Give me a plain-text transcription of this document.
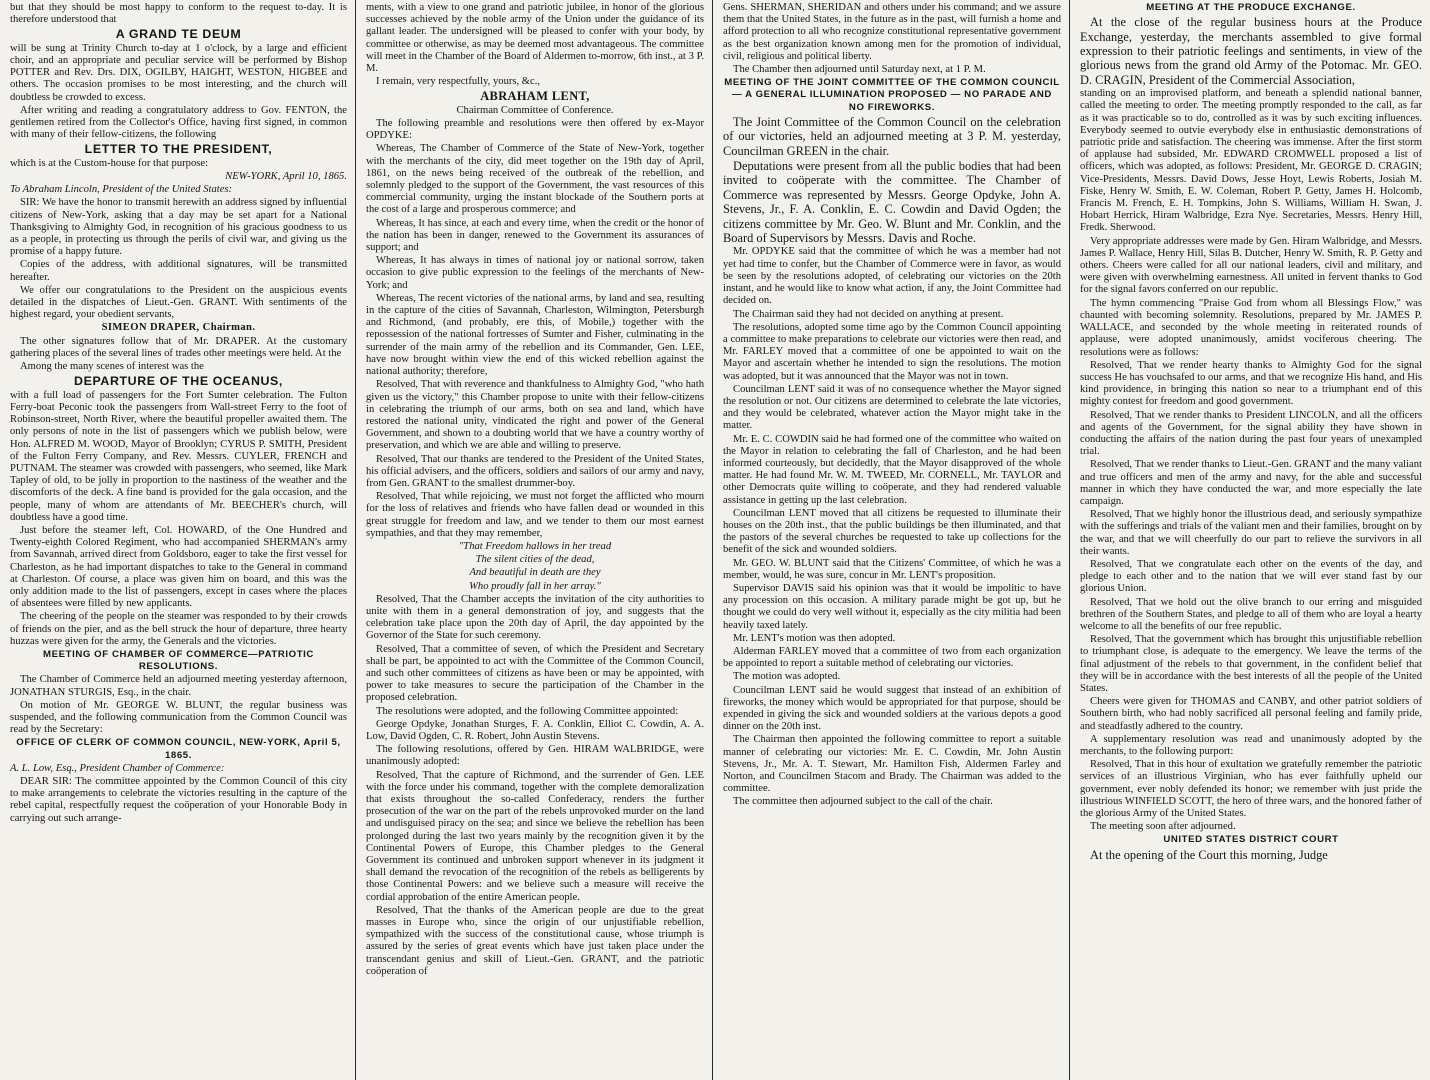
but that they should be most happy to conform to the request to-day. It is therefore understood that

A GRAND TE DEUM

will be sung at Trinity Church to-day at 1 o'clock, by a large and efficient choir, and an appropriate and peculiar service will be performed by Bishop POTTER and Rev. Drs. DIX, OGILBY, HAIGHT, WESTON, HIGBEE and others. The occasion promises to be most interesting, and the church will doubtless be crowded to excess.

After writing and reading a congratulatory address to Gov. FENTON, the gentlemen retired from the Collector's Office, having first signed, in common with many of their fellow-citizens, the following

LETTER TO THE PRESIDENT,

which is at the Custom-house for that purpose:

NEW-YORK, April 10, 1865.

To Abraham Lincoln, President of the United States:

SIR: We have the honor to transmit herewith an address signed by influential citizens of New-York, asking that a day may be set apart for a National Thanksgiving to Almighty God, in recognition of his gracious goodness to us as a people, in protecting us through the perils of civil war, and giving us the promise of a happy future.

Copies of the address, with additional signatures, will be transmitted hereafter.

We offer our congratulations to the President on the auspicious events detailed in the dispatches of Lieut.-Gen. GRANT. With sentiments of the highest regard, your obedient servants,

SIMEON DRAPER, Chairman.

The other signatures follow that of Mr. DRAPER. At the customary gathering places of the several lines of trades other meetings were held. At the

Among the many scenes of interest was the

DEPARTURE OF THE OCEANUS,

with a full load of passengers for the Fort Sumter celebration. The Fulton Ferry-boat Peconic took the passengers from Wall-street Ferry to the foot of Robinson-street, North River, where the beautiful propeller awaited them. The only persons of note in the list of passengers which we publish below, were Hon. ALFRED M. WOOD, Mayor of Brooklyn; CYRUS P. SMITH, President of the Fulton Ferry Company, and Rev. Messrs. CUYLER, FRENCH and PUTNAM. The steamer was crowded with passengers, who seemed, like Mark Tapley of old, to be jolly in proportion to the nastiness of the weather and the discomforts of the deck. A fine band is provided for the gala occasion, and the people, many of whom are attendants of Mr. BEECHER's church, will doubtless have a good time.

Just before the steamer left, Col. HOWARD, of the One Hundred and Twenty-eighth Colored Regiment, who had accompanied SHERMAN's army from Savannah, arrived direct from Goldsboro, eager to take the first vessel for Charleston, as he had important dispatches to take to the General in command at Charleston. Of course, a place was given him on board, and this was the only addition made to the list of passengers, except in cases where the places of absentees were filled by new applicants.

The cheering of the people on the steamer was responded to by their crowds of friends on the pier, and as the bell struck the hour of departure, three hearty huzzas were given for the army, the Generals and the victories.

MEETING OF CHAMBER OF COMMERCE—PATRIOTIC RESOLUTIONS.

The Chamber of Commerce held an adjourned meeting yesterday afternoon, JONATHAN STURGIS, Esq., in the chair.

On motion of Mr. GEORGE W. BLUNT, the regular business was suspended, and the following communication from the Common Council was read by the Secretary:

OFFICE OF CLERK OF COMMON COUNCIL, NEW-YORK, April 5, 1865.

A. L. Low, Esq., President Chamber of Commerce:

DEAR SIR: The committee appointed by the Common Council of this city to make arrangements to celebrate the victories resulting in the capture of the rebel capital, respectfully request the coöperation of your Honorable Body in carrying out such arrange-

ments, with a view to one grand and patriotic jubilee, in honor of the glorious successes achieved by the noble army of the Union under the guidance of its gallant leader. The undersigned will be pleased to confer with your body, by committee or otherwise, as may be deemed most advantageous. The committee will meet in the Chamber of the Board of Aldermen to-morrow, 6th inst., at 3 P. M.

I remain, very respectfully, yours, &c.,

ABRAHAM LENT,

Chairman Committee of Conference.

The following preamble and resolutions were then offered by ex-Mayor OPDYKE:

Whereas, The Chamber of Commerce of the State of New-York, together with the merchants of the city, did meet together on the 19th day of April, 1861, on the news being received of the outbreak of the rebellion, and solemnly pledged to the support of the Government, the vast resources of this commercial community, urging the instant blockade of the Southern ports at the cost of a large and prosperous commerce; and

Whereas, It has since, at each and every time, when the credit or the honor of the nation has been in danger, renewed to the Government its assurances of support; and

Whereas, It has always in times of national joy or national sorrow, taken occasion to give public expression to the feelings of the merchants of New-York; and

Whereas, The recent victories of the national arms, by land and sea, resulting in the capture of the cities of Savannah, Charleston, Wilmington, Petersburgh and Richmond, (and probably, ere this, of Mobile,) together with the repossession of the national fortresses of Sumter and Fisher, culminating in the surrender of the main army of the rebellion and its Commander, Gen. LEE, have now brought within view the end of this wicked rebellion against the national authority; therefore,

Resolved, That with reverence and thankfulness to Almighty God, "who hath given us the victory," this Chamber propose to unite with their fellow-citizens in celebrating the triumph of our arms, both on sea and land, which have restored the national unity, vindicated the right and power of the General Government, and shown to a doubting world that we have a country worthy of preservation, and which we are able and willing to preserve.

Resolved, That our thanks are tendered to the President of the United States, his official advisers, and the officers, soldiers and sailors of our army and navy, from Gen. GRANT to the smallest drummer-boy.

Resolved, That while rejoicing, we must not forget the afflicted who mourn for the loss of relatives and friends who have fallen dead or wounded in this great struggle for freedom and law, and we tender to them our most earnest sympathies, and that they may remember,

"That Freedom hallows in her tread

The silent cities of the dead,

And beautiful in death are they

Who proudly fall in her array."

Resolved, That the Chamber accepts the invitation of the city authorities to unite with them in a general demonstration of joy, and suggests that the celebration take place upon the 20th day of April, the day appointed by the Governor of the State for such ceremony.

Resolved, That a committee of seven, of which the President and Secretary shall be part, be appointed to act with the Committee of the Common Council, and such other committees of citizens as have been or may be appointed, with power to take measures to secure the participation of the Chamber in the proposed celebration.

The resolutions were adopted, and the following Committee appointed:

George Opdyke, Jonathan Sturges, F. A. Conklin, Elliot C. Cowdin, A. A. Low, David Ogden, C. R. Robert, John Austin Stevens.

The following resolutions, offered by Gen. HIRAM WALBRIDGE, were unanimously adopted:

Resolved, That the capture of Richmond, and the surrender of Gen. LEE with the force under his command, together with the complete demoralization that exists throughout the so-called Confederacy, renders the further prosecution of the war on the part of the rebels unprovoked murder on the land and undisguised piracy on the sea; and since we believe the rebellion has been prolonged during the last two years mainly by the recognition given it by the Continental Powers of Europe, this Chamber pledges to the General Government its continued and unbroken support whenever in its judgment it shall demand the revocation of the recognition of the rebels as belligerents by those Continental Powers: and we believe such a measure will receive the cordial approbation of the entire American people.

Resolved, That the thanks of the American people are due to the great masses in Europe who, since the origin of our unjustifiable rebellion, sympathized with the success of the constitutional cause, whose triumph is assured by the series of great events which have just taken place under the transcendant genius and skill of Lieut.-Gen. GRANT, and the patriotic coöperation of

Gens. SHERMAN, SHERIDAN and others under his command; and we assure them that the United States, in the future as in the past, will furnish a home and afford protection to all who recognize constitutional representative government as the best organization known among men for the promotion of individual, civil, religious and political liberty.

The Chamber then adjourned until Saturday next, at 1 P. M.

MEETING OF THE JOINT COMMITTEE OF THE COMMON COUNCIL — A GENERAL ILLUMINATION PROPOSED — NO PARADE AND NO FIREWORKS.

The Joint Committee of the Common Council on the celebration of our victories, held an adjourned meeting at 3 P. M. yesterday, Councilman GREEN in the chair.

Deputations were present from all the public bodies that had been invited to coöperate with the committee. The Chamber of Commerce was represented by Messrs. George Opdyke, John A. Stevens, Jr., F. A. Conklin, E. C. Cowdin and David Ogden; the citizens committee by Mr. Geo. W. Blunt and Mr. Conklin, and the Board of Supervisors by Messrs. Davis and Roche.

Mr. OPDYKE said that the committee of which he was a member had not yet had time to confer, but the Chamber of Commerce were in favor, as would be seen by the resolutions adopted, of celebrating our victories on the 20th instant, and he would like to know what action, if any, the Joint Committee had decided on.

The Chairman said they had not decided on anything at present.

The resolutions, adopted some time ago by the Common Council appointing a committee to make preparations to celebrate our victories were then read, and Mr. FARLEY moved that a committee of one be appointed to wait on the Mayor and ascertain whether he intended to sign the resolutions. The motion was adopted, but it was announced that the Mayor was not in town.

Councilman LENT said it was of no consequence whether the Mayor signed the resolution or not. Our citizens are determined to celebrate the late victories, and they would be celebrated, whatever action the Mayor might take in the matter.

Mr. E. C. COWDIN said he had formed one of the committee who waited on the Mayor in relation to celebrating the fall of Charleston, and he had been informed courteously, but decidedly, that the Mayor disapproved of the whole matter. He had found Mr. W. M. TWEED, Mr. CORNELL, Mr. TAYLOR and other Democrats quite willing to coöperate, and they had rendered valuable assistance in getting up the last celebration.

Councilman LENT moved that all citizens be requested to illuminate their houses on the 20th inst., that the public buildings be then illuminated, and that the pastors of the several churches be requested to take up collections for the benefit of the sick and wounded soldiers.

Mr. GEO. W. BLUNT said that the Citizens' Committee, of which he was a member, would, he was sure, concur in Mr. LENT's proposition.

Supervisor DAVIS said his opinion was that it would be impolitic to have any procession on this occasion. A military parade might be got up, but he thought we could do very well without it, especially as the city militia had been heavily taxed lately.

Mr. LENT's motion was then adopted.

Alderman FARLEY moved that a committee of two from each organization be appointed to report a suitable method of celebrating our victories.

The motion was adopted.

Councilman LENT said he would suggest that instead of an exhibition of fireworks, the money which would be appropriated for that purpose, should be expended in giving the sick and wounded soldiers at the various depots a good dinner on the 20th inst.

The Chairman then appointed the following committee to report a suitable manner of celebrating our victories: Mr. E. C. Cowdin, Mr. John Austin Stevens, Jr., Mr. A. T. Stewart, Mr. Hamilton Fish, Aldermen Farley and Norton, and Councilmen Stacom and Brady. The Chairman was added to the committee.

The committee then adjourned subject to the call of the chair.

MEETING AT THE PRODUCE EXCHANGE.

At the close of the regular business hours at the Produce Exchange, yesterday, the merchants assembled to give formal expression to their patriotic feelings and sentiments, in view of the glorious news from the grand old Army of the Potomac. Mr. GEO. D. CRAGIN, President of the Commercial Association,

standing on an improvised platform, and beneath a splendid national banner, called the meeting to order. The meeting promptly responded to the call, as far as it was practicable so to do, controlled as it was by such exciting influences. Everybody seemed to outvie everybody else in enthusiastic demonstrations of patriotic pride and satisfaction. The cheering was immense. After the first storm of applause had subsided, Mr. EDWARD CROMWELL proposed a list of officers, which was adopted, as follows: President, Mr. GEORGE D. CRAGIN; Vice-Presidents, Messrs. David Dows, Jesse Hoyt, Lewis Roberts, Josiah M. Fiske, Henry W. Smith, E. W. Coleman, Robert P. Getty, James H. Holcomb, Francis M. French, E. H. Tompkins, John S. Williams, William H. Swan, J. Hobart Herrick, Hiram Walbridge, Ezra Nye. Secretaries, Messrs. Henry Hill, Fredk. Sherwood.

Very appropriate addresses were made by Gen. Hiram Walbridge, and Messrs. James P. Wallace, Henry Hill, Silas B. Dutcher, Henry W. Smith, R. P. Getty and others. Cheers were called for all our national leaders, civil and military, and were given with overwhelming earnestness. All united in fervent thanks to God for the signal favors conferred on our republic.

The hymn commencing "Praise God from whom all Blessings Flow," was chaunted with becoming solemnity. Resolutions, prepared by Mr. JAMES P. WALLACE, and seconded by the whole meeting in reiterated rounds of applause, were adopted unanimously, amidst vociferous cheering. The resolutions were as follows:

Resolved, That we render hearty thanks to Almighty God for the signal success He has vouchsafed to our arms, and that we recognize His hand, and His kind providence, in bringing this nation so near to a triumphant end of this mighty contest for freedom and good government.

Resolved, That we render thanks to President LINCOLN, and all the officers and agents of the Government, for the signal ability they have shown in conducting the affairs of the nation during the past four years of unexampled trial.

Resolved, That we render thanks to Lieut.-Gen. GRANT and the many valiant and true officers and men of the army and navy, for the able and successful manner in which they have conducted the war, and more especially the late campaign.

Resolved, That we highly honor the illustrious dead, and seriously sympathize with the sufferings and trials of the valiant men and their families, brought on by the war, and that we will cheerfully do our part to relieve the survivors in all their wants.

Resolved, That we congratulate each other on the events of the day, and pledge to each other and to the nation that we will ever stand fast by our glorious Union.

Resolved, That we hold out the olive branch to our erring and misguided brethren of the Southern States, and pledge to all of them who are loyal a hearty welcome to all the benefits of our free republic.

Resolved, That the government which has brought this unjustifiable rebellion to triumphant close, is adequate to the emergency. We leave the terms of the final adjustment of the rebels to that government, in the confident belief that they will be in accordance with the best interests of all the people of the United States.

Cheers were given for THOMAS and CANBY, and other patriot soldiers of Southern birth, who had nobly sacrificed all personal feeling and family pride, and steadfastly adhered to the country.

A supplementary resolution was read and unanimously adopted by the merchants, to the following purport:

Resolved, That in this hour of exultation we gratefully remember the patriotic services of an illustrious Virginian, who has ever faithfully upheld our government, ever nobly defended its honor; we remember with just pride the illustrious WINFIELD SCOTT, the hero of three wars, and the honored father of the glorious Army of the United States.

The meeting soon after adjourned.

UNITED STATES DISTRICT COURT

At the opening of the Court this morning, Judge
